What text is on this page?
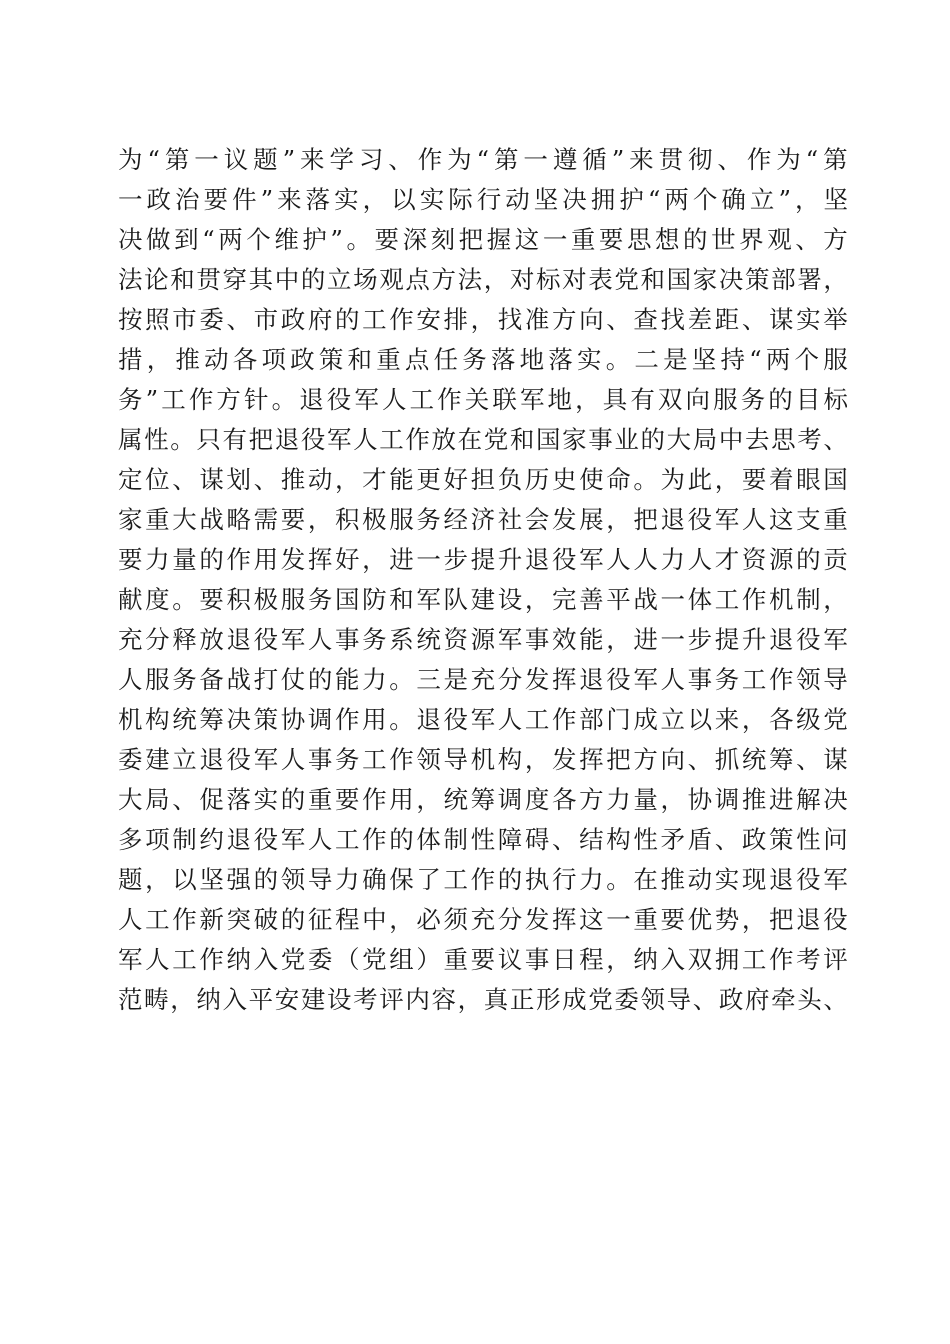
为 “ 第 一 议 题 ” 来 学 习 、 作 为 “ 第 一 遵 循 ” 来 贯 彻 、 作 为 “ 第
一 政 治 要 件 ” 来 落 实 ， 以 实 际 行 动 坚 决 拥 护 “ 两 个 确 立 ” ， 坚
决 做 到 “ 两 个 维 护 ” 。 要 深 刻 把 握 这 一 重 要 思 想 的 世 界 观 、 方
法 论 和 贯 穿 其 中 的 立 场 观 点 方 法 ， 对 标 对 表 党 和 国 家 决 策 部 署 ，
按 照 市 委 、 市 政 府 的 工 作 安 排 ， 找 准 方 向 、 查 找 差 距 、 谋 实 举
措 ， 推 动 各 项 政 策 和 重 点 任 务 落 地 落 实 。 二 是 坚 持 “ 两 个 服
务 ” 工 作 方 针 。 退 役 军 人 工 作 关 联 军 地 ， 具 有 双 向 服 务 的 目 标
属 性 。 只 有 把 退 役 军 人 工 作 放 在 党 和 国 家 事 业 的 大 局 中 去 思 考 、
定 位 、 谋 划 、 推 动 ， 才 能 更 好 担 负 历 史 使 命 。 为 此 ， 要 着 眼 国
家 重 大 战 略 需 要 ， 积 极 服 务 经 济 社 会 发 展 ， 把 退 役 军 人 这 支 重
要 力 量 的 作 用 发 挥 好 ， 进 一 步 提 升 退 役 军 人 人 力 人 才 资 源 的 贡
献 度 。 要 积 极 服 务 国 防 和 军 队 建 设 ， 完 善 平 战 一 体 工 作 机 制 ，
充 分 释 放 退 役 军 人 事 务 系 统 资 源 军 事 效 能 ， 进 一 步 提 升 退 役 军
人 服 务 备 战 打 仗 的 能 力 。 三 是 充 分 发 挥 退 役 军 人 事 务 工 作 领 导
机 构 统 筹 决 策 协 调 作 用 。 退 役 军 人 工 作 部 门 成 立 以 来 ， 各 级 党
委 建 立 退 役 军 人 事 务 工 作 领 导 机 构 ， 发 挥 把 方 向 、 抓 统 筹 、 谋
大 局 、 促 落 实 的 重 要 作 用 ， 统 筹 调 度 各 方 力 量 ， 协 调 推 进 解 决
多 项 制 约 退 役 军 人 工 作 的 体 制 性 障 碍 、 结 构 性 矛 盾 、 政 策 性 问
题 ， 以 坚 强 的 领 导 力 确 保 了 工 作 的 执 行 力 。 在 推 动 实 现 退 役 军
人 工 作 新 突 破 的 征 程 中 ， 必 须 充 分 发 挥 这 一 重 要 优 势 ， 把 退 役
军 人 工 作 纳 入 党 委 （ 党 组 ） 重 要 议 事 日 程 ， 纳 入 双 拥 工 作 考 评
范 畴 ， 纳 入 平 安 建 设 考 评 内 容 ， 真 正 形 成 党 委 领 导 、 政 府 牵 头 、
